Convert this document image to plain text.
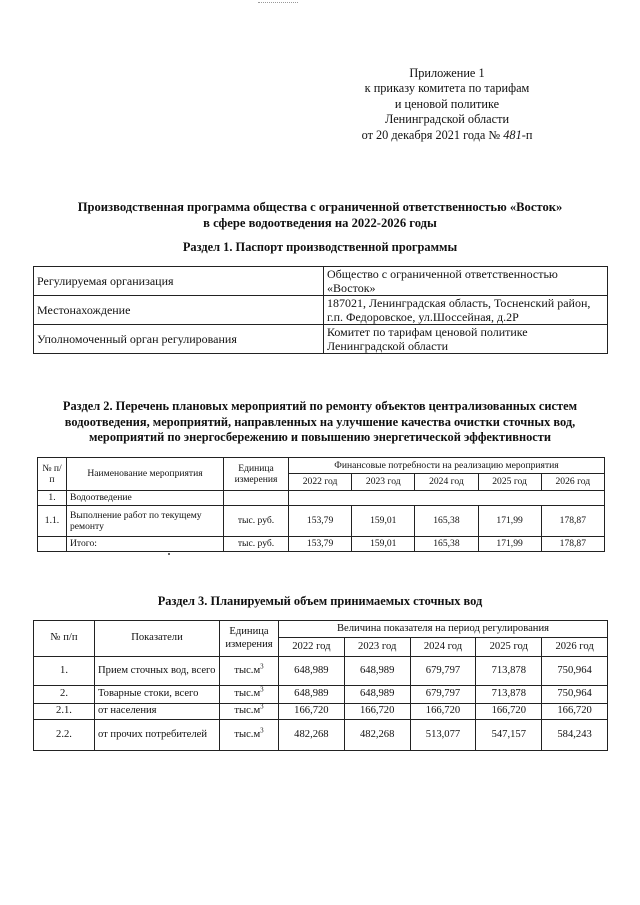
Приложение 1
к приказу комитета по тарифам
и ценовой политике
Ленинградской области
от 20 декабря 2021 года № 481-п
Производственная программа общества с ограниченной ответственностью «Восток»
в сфере водоотведения на 2022-2026 годы
Раздел 1. Паспорт производственной программы
Регулируемая организация	Общество с ограниченной ответственностью «Восток»
Местонахождение	187021, Ленинградская область, Тосненский район, г.п. Федоровское, ул.Шоссейная, д.2Р
Уполномоченный орган регулирования	Комитет по тарифам ценовой политике Ленинградской области
Раздел 2. Перечень плановых мероприятий по ремонту объектов централизованных систем
водоотведения, мероприятий, направленных на улучшение качества очистки сточных вод,
мероприятий по энергосбережению и повышению энергетической эффективности
№ п/п	Наименование мероприятия	Единица измерения	Финансовые потребности на реализацию мероприятия				
			2022 год	2023 год	2024 год	2025 год	2026 год
1.	Водоотведение						
1.1.	Выполнение работ по текущему ремонту	тыс. руб.	153,79	159,01	165,38	171,99	178,87
	Итого:	тыс. руб.	153,79	159,01	165,38	171,99	178,87
Раздел 3. Планируемый объем принимаемых сточных вод
№ п/п	Показатели	Единица измерения	Величина показателя на период регулирования				
			2022 год	2023 год	2024 год	2025 год	2026 год
1.	Прием сточных вод, всего	$тыс.м^3$	648,989	648,989	679,797	713,878	750,964
2.	Товарные стоки, всего	$тыс.м^3$	648,989	648,989	679,797	713,878	750,964
2.1.	от населения	$тыс.м^3$	166,720	166,720	166,720	166,720	166,720
2.2.	от прочих потребителей	$тыс.м^3$	482,268	482,268	513,077	547,157	584,243
